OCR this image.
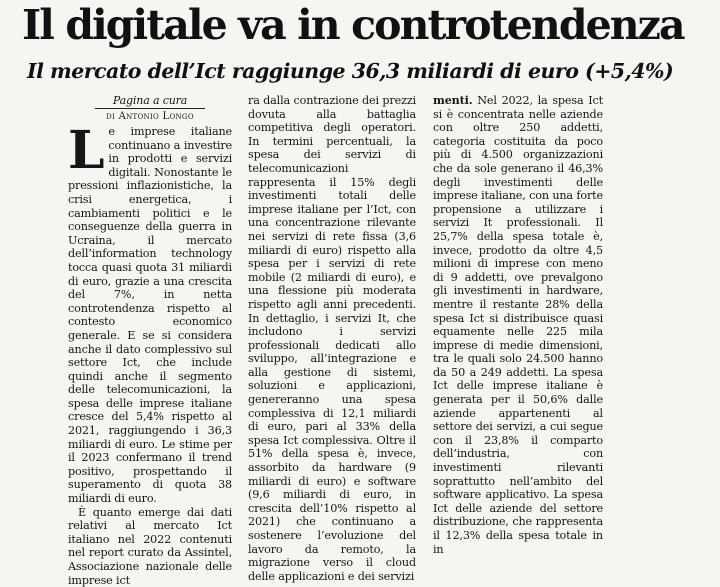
Il digitale va in controtendenza
Il mercato dell’Ict raggiunge 36,3 miliardi di euro (+5,4%)
Pagina a cura
di Antonio Longo

Le imprese italiane continuano a investire in prodotti e servizi digitali. Nonostante le pressioni inflazionistiche, la crisi energetica, i cambiamenti politici e le conseguenze della guerra in Ucraina, il mercato dell’information technology tocca quasi quota 31 miliardi di euro, grazie a una crescita del 7%, in netta controtendenza rispetto al contesto economico generale. E se si considera anche il dato complessivo sul settore Ict, che include quindi anche il segmento delle telecomunicazioni, la spesa delle imprese italiane cresce del 5,4% rispetto al 2021, raggiungendo i 36,3 miliardi di euro. Le stime per il 2023 confermano il trend positivo, prospettando il superamento di quota 38 miliardi di euro.

È quanto emerge dai dati relativi al mercato Ict italiano nel 2022 contenuti nel report curato da Assintel, Associazione nazionale delle imprese ict

ra dalla contrazione dei prezzi dovuta alla battaglia competitiva degli operatori. In termini percentuali, la spesa dei servizi di telecomunicazioni rappresenta il 15% degli investimenti totali delle imprese italiane per l’Ict, con una concentrazione rilevante nei servizi di rete fissa (3,6 miliardi di euro) rispetto alla spesa per i servizi di rete mobile (2 miliardi di euro), e una flessione più moderata rispetto agli anni precedenti. In dettaglio, i servizi It, che includono i servizi professionali dedicati allo sviluppo, all’integrazione e alla gestione di sistemi, soluzioni e applicazioni, genereranno una spesa complessiva di 12,1 miliardi di euro, pari al 33% della spesa Ict complessiva. Oltre il 51% della spesa è, invece, assorbito da hardware (9 miliardi di euro) e software (9,6 miliardi di euro, in crescita dell’10% rispetto al 2021) che continuano a sostenere l’evoluzione del lavoro da remoto, la migrazione verso il cloud delle applicazioni e dei servizi

menti. Nel 2022, la spesa Ict si è concentrata nelle aziende con oltre 250 addetti, categoria costituita da poco più di 4.500 organizzazioni che da sole generano il 46,3% degli investimenti delle imprese italiane, con una forte propensione a utilizzare i servizi It professionali. Il 25,7% della spesa totale è, invece, prodotto da oltre 4,5 milioni di imprese con meno di 9 addetti, ove prevalgono gli investimenti in hardware, mentre il restante 28% della spesa Ict si distribuisce quasi equamente nelle 225 mila imprese di medie dimensioni, tra le quali solo 24.500 hanno da 50 a 249 addetti. La spesa Ict delle imprese italiane è generata per il 50,6% dalle aziende appartenenti al settore dei servizi, a cui segue con il 23,8% il comparto dell’industria, con investimenti rilevanti soprattutto nell’ambito del software applicativo. La spesa Ict delle aziende del settore distribuzione, che rappresenta il 12,3% della spesa totale in in
